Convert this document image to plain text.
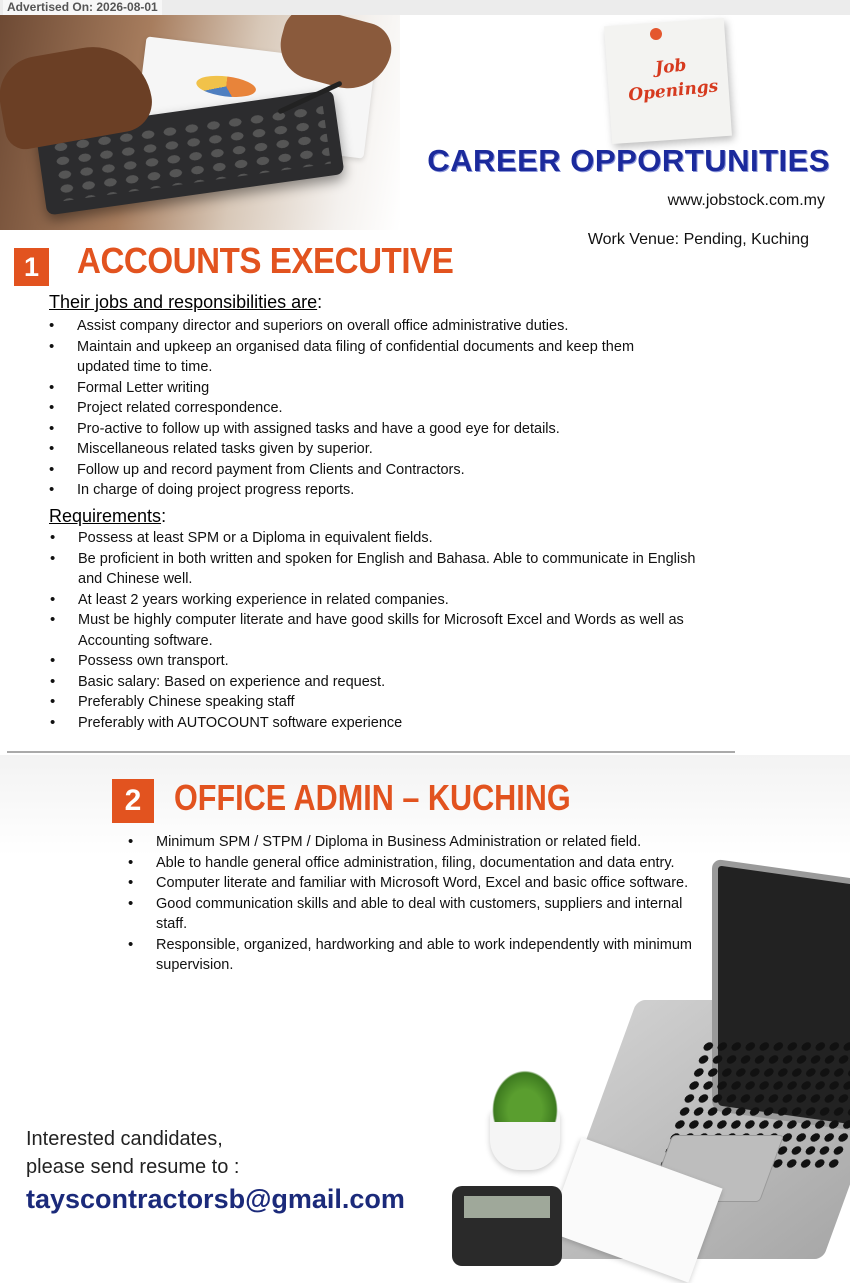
Advertised On: 2026-08-01
Job
Openings
CAREER OPPORTUNITIES
www.jobstock.com.my
Work Venue: Pending, Kuching
1 ACCOUNTS EXECUTIVE
Their jobs and responsibilities are:
• Assist company director and superiors on overall office administrative duties.
• Maintain and upkeep an organised data filing of confidential documents and keep them updated time to time.
• Formal Letter writing
• Project related correspondence.
• Pro-active to follow up with assigned tasks and have a good eye for details.
• Miscellaneous related tasks given by superior.
• Follow up and record payment from Clients and Contractors.
• In charge of doing project progress reports.
Requirements:
• Possess at least SPM or a Diploma in equivalent fields.
• Be proficient in both written and spoken for English and Bahasa. Able to communicate in English and Chinese well.
• At least 2 years working experience in related companies.
• Must be highly computer literate and have good skills for Microsoft Excel and Words as well as Accounting software.
• Possess own transport.
• Basic salary: Based on experience and request.
• Preferably Chinese speaking staff
• Preferably with AUTOCOUNT software experience
2 OFFICE ADMIN – KUCHING
• Minimum SPM / STPM / Diploma in Business Administration or related field.
• Able to handle general office administration, filing, documentation and data entry.
• Computer literate and familiar with Microsoft Word, Excel and basic office software.
• Good communication skills and able to deal with customers, suppliers and internal staff.
• Responsible, organized, hardworking and able to work independently with minimum supervision.
Interested candidates,
please send resume to :
tayscontractorsb@gmail.com
